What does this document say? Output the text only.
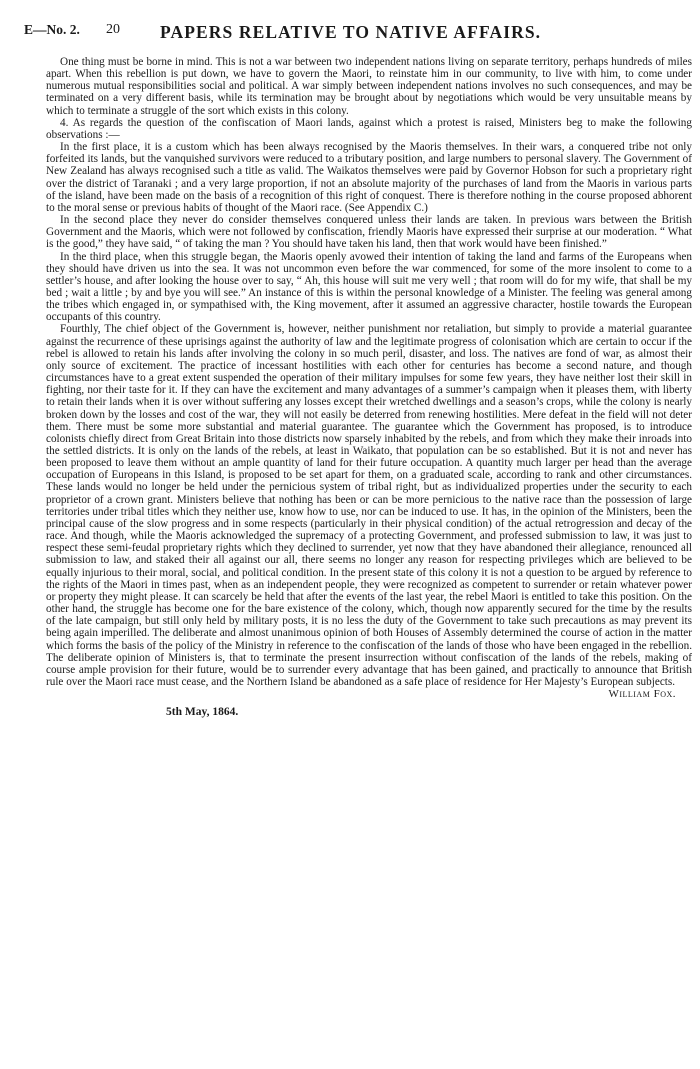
E—No. 2. 20 PAPERS RELATIVE TO NATIVE AFFAIRS.

One thing must be borne in mind. This is not a war between two independent nations living on separate territory, perhaps hundreds of miles apart. When this rebellion is put down, we have to govern the Maori, to reinstate him in our community, to live with him, to come under numerous mutual responsibilities social and political. A war simply between independent nations involves no such consequences, and may be terminated on a very different basis, while its termination may be brought about by negotiations which would be very unsuitable means by which to terminate a struggle of the sort which exists in this colony.

4. As regards the question of the confiscation of Maori lands, against which a protest is raised, Ministers beg to make the following observations :—

In the first place, it is a custom which has been always recognised by the Maoris themselves. In their wars, a conquered tribe not only forfeited its lands, but the vanquished survivors were reduced to a tributary position, and large numbers to personal slavery. The Government of New Zealand has always recognised such a title as valid. The Waikatos themselves were paid by Governor Hobson for such a proprietary right over the district of Taranaki ; and a very large proportion, if not an absolute majority of the purchases of land from the Maoris in various parts of the island, have been made on the basis of a recognition of this right of conquest. There is therefore nothing in the course proposed abhorent to the moral sense or previous habits of thought of the Maori race. (See Appendix C.)

In the second place they never do consider themselves conquered unless their lands are taken. In previous wars between the British Government and the Maoris, which were not followed by confiscation, friendly Maoris have expressed their surprise at our moderation. “ What is the good,” they have said, “ of taking the man ? You should have taken his land, then that work would have been finished.”

In the third place, when this struggle began, the Maoris openly avowed their intention of taking the land and farms of the Europeans when they should have driven us into the sea. It was not uncommon even before the war commenced, for some of the more insolent to come to a settler’s house, and after looking the house over to say, “ Ah, this house will suit me very well ; that room will do for my wife, that shall be my bed ; wait a little ; by and bye you will see.” An instance of this is within the personal knowledge of a Minister. The feeling was general among the tribes which engaged in, or sympathised with, the King movement, after it assumed an aggressive character, hostile towards the European occupants of this country.

Fourthly, The chief object of the Government is, however, neither punishment nor retaliation, but simply to provide a material guarantee against the recurrence of these uprisings against the authority of law and the legitimate progress of colonisation which are certain to occur if the rebel is allowed to retain his lands after involving the colony in so much peril, disaster, and loss. The natives are fond of war, as almost their only source of excitement. The practice of incessant hostilities with each other for centuries has become a second nature, and though circumstances have to a great extent suspended the operation of their military impulses for some few years, they have neither lost their skill in fighting, nor their taste for it. If they can have the excitement and many advantages of a summer’s campaign when it pleases them, with liberty to retain their lands when it is over without suffering any losses except their wretched dwellings and a season’s crops, while the colony is nearly broken down by the losses and cost of the war, they will not easily be deterred from renewing hostilities. Mere defeat in the field will not deter them. There must be some more substantial and material guarantee. The guarantee which the Government has proposed, is to introduce colonists chiefly direct from Great Britain into those districts now sparsely inhabited by the rebels, and from which they make their inroads into the settled districts. It is only on the lands of the rebels, at least in Waikato, that population can be so established. But it is not and never has been proposed to leave them without an ample quantity of land for their future occupation. A quantity much larger per head than the average occupation of Europeans in this Island, is proposed to be set apart for them, on a graduated scale, according to rank and other circumstances. These lands would no longer be held under the pernicious system of tribal right, but as individualized properties under the security to each proprietor of a crown grant. Ministers believe that nothing has been or can be more pernicious to the native race than the possession of large territories under tribal titles which they neither use, know how to use, nor can be induced to use. It has, in the opinion of the Ministers, been the principal cause of the slow progress and in some respects (particularly in their physical condition) of the actual retrogression and decay of the race. And though, while the Maoris acknowledged the supremacy of a protecting Government, and professed submission to law, it was just to respect these semi-feudal proprietary rights which they declined to surrender, yet now that they have abandoned their allegiance, renounced all submission to law, and staked their all against our all, there seems no longer any reason for respecting privileges which are believed to be equally injurious to their moral, social, and political condition. In the present state of this colony it is not a question to be argued by reference to the rights of the Maori in times past, when as an independent people, they were recognized as competent to surrender or retain whatever power or property they might please. It can scarcely be held that after the events of the last year, the rebel Maori is entitled to take this position. On the other hand, the struggle has become one for the bare existence of the colony, which, though now apparently secured for the time by the results of the late campaign, but still only held by military posts, it is no less the duty of the Government to take such precautions as may prevent its being again imperilled. The deliberate and almost unanimous opinion of both Houses of Assembly determined the course of action in the matter which forms the basis of the policy of the Ministry in reference to the confiscation of the lands of those who have been engaged in the rebellion. The deliberate opinion of Ministers is, that to terminate the present insurrection without confiscation of the lands of the rebels, making of course ample provision for their future, would be to surrender every advantage that has been gained, and practically to announce that British rule over the Maori race must cease, and the Northern Island be abandoned as a safe place of residence for Her Majesty’s European subjects.

William Fox.
5th May, 1864.
